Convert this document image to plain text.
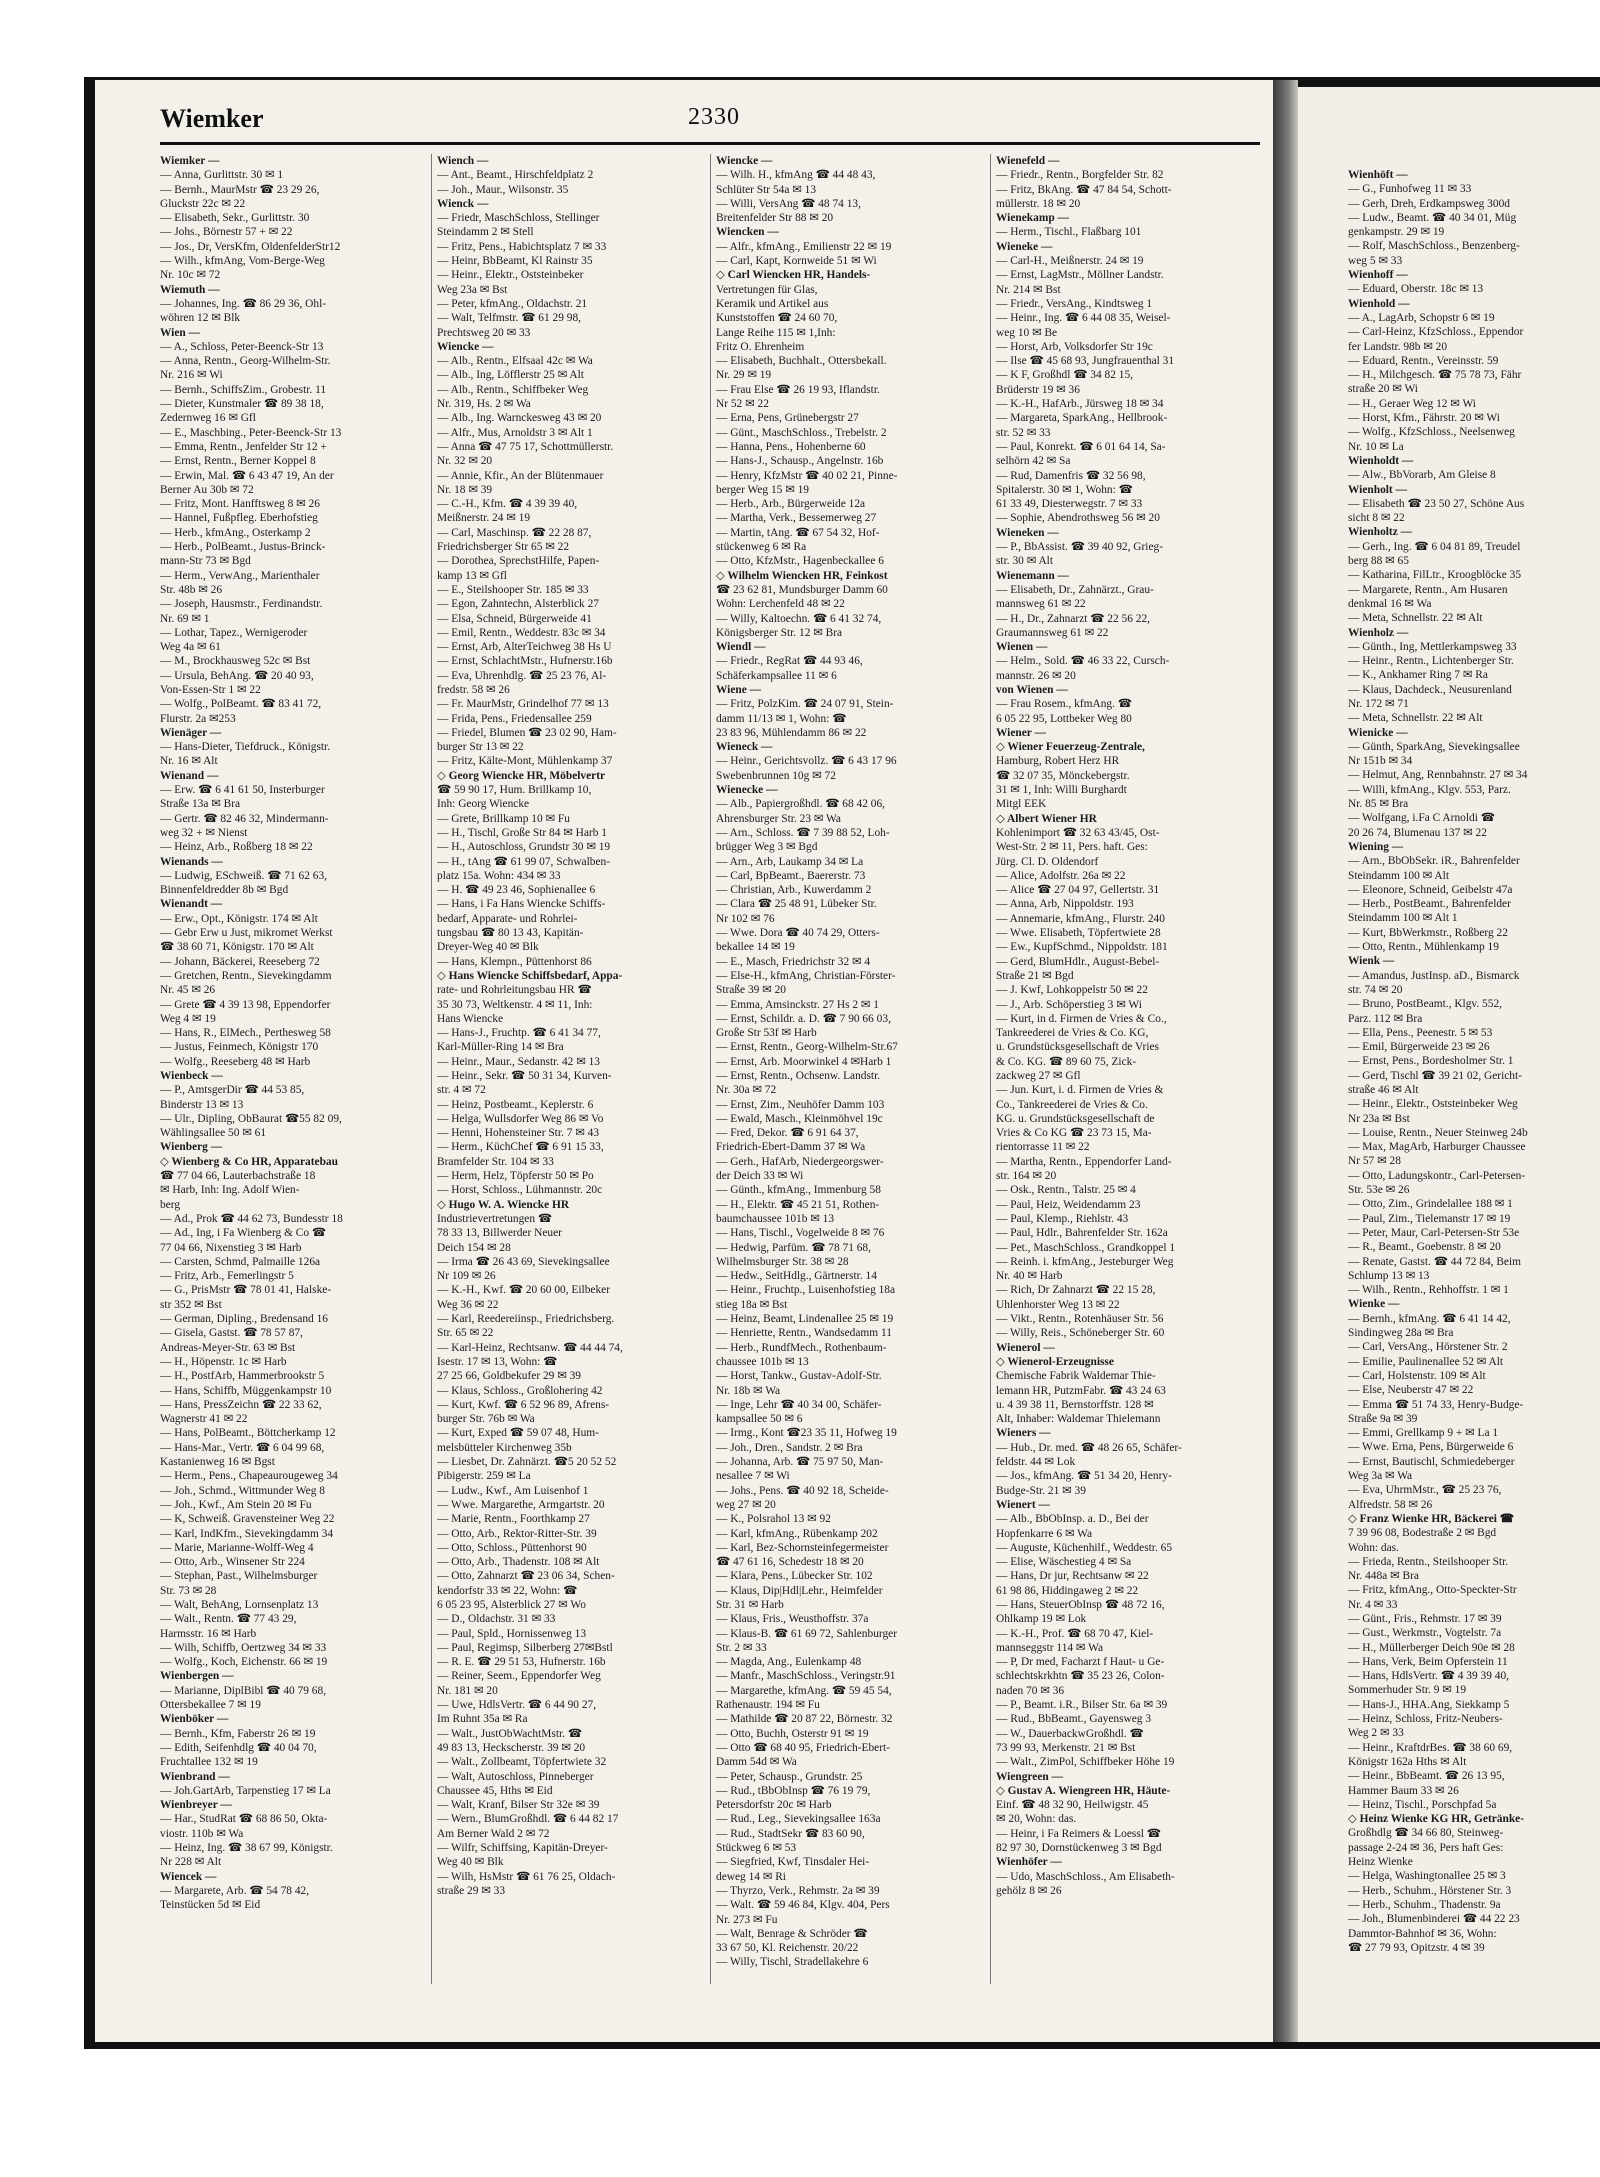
Wiemker	2330
Wiemker —
— Anna, Gurlittstr. 30 ✉ 1
— Bernh., MaurMstr ☎ 23 29 26,
Gluckstr 22c ✉ 22
— Elisabeth, Sekr., Gurlittstr. 30
— Johs., Börnestr 57 + ✉ 22
— Jos., Dr, VersKfm, OldenfelderStr12
— Wilh., kfmAng, Vom-Berge-Weg
Nr. 10c ✉ 72
Wiemuth —
— Johannes, Ing. ☎ 86 29 36, Ohl-
wöhren 12 ✉ Blk
Wien —
— A., Schloss, Peter-Beenck-Str 13
— Anna, Rentn., Georg-Wilhelm-Str.
Nr. 216 ✉ Wi
— Bernh., SchiffsZim., Grobestr. 11
— Dieter, Kunstmaler ☎ 89 38 18,
Zedernweg 16 ✉ Gfl
— E., Maschbing., Peter-Beenck-Str 13
— Emma, Rentn., Jenfelder Str 12 +
— Ernst, Rentn., Berner Koppel 8
— Erwin, Mal. ☎ 6 43 47 19, An der
Berner Au 30b ✉ 72
— Fritz, Mont. Hanfftsweg 8 ✉ 26
— Hannel, Fußpfleg. Eberhofstieg
— Herb., kfmAng., Osterkamp 2
— Herb., PolBeamt., Justus-Brinck-
mann-Str 73 ✉ Bgd
— Herm., VerwAng., Marienthaler
Str. 48b ✉ 26
— Joseph, Hausmstr., Ferdinandstr.
Nr. 69 ✉ 1
— Lothar, Tapez., Wernigeroder
Weg 4a ✉ 61
— M., Brockhausweg 52c ✉ Bst
— Ursula, BehAng. ☎ 20 40 93,
Von-Essen-Str 1 ✉ 22
— Wolfg., PolBeamt. ☎ 83 41 72,
Flurstr. 2a ✉253
Wienäger —
— Hans-Dieter, Tiefdruck., Königstr.
Nr. 16 ✉ Alt
Wienand —
— Erw. ☎ 6 41 61 50, Insterburger
Straße 13a ✉ Bra
— Gertr. ☎ 82 46 32, Mindermann-
weg 32 + ✉ Nienst
— Heinz, Arb., Roßberg 18 ✉ 22
Wienands —
— Ludwig, ESchweiß. ☎ 71 62 63,
Binnenfeldredder 8b ✉ Bgd
Wienandt —
— Erw., Opt., Königstr. 174 ✉ Alt
— Gebr Erw u Just, mikromet Werkst
☎ 38 60 71, Königstr. 170 ✉ Alt
— Johann, Bäckerei, Reeseberg 72
— Gretchen, Rentn., Sievekingdamm
Nr. 45 ✉ 26
— Grete ☎ 4 39 13 98, Eppendorfer
Weg 4 ✉ 19
— Hans, R., ElMech., Perthesweg 58
— Justus, Feinmech, Königstr 170
— Wolfg., Reeseberg 48 ✉ Harb
Wienbeck —
— P., AmtsgerDir ☎ 44 53 85,
Binderstr 13 ✉ 13
— Ulr., Dipling, ObBaurat ☎55 82 09,
Wählingsallee 50 ✉ 61
Wienberg —
◇ Wienberg & Co HR, Apparatebau
☎ 77 04 66, Lauterbachstraße 18
✉ Harb, Inh: Ing. Adolf Wien-
berg
— Ad., Prok ☎ 44 62 73, Bundesstr 18
— Ad., Ing, i Fa Wienberg & Co ☎
77 04 66, Nixenstieg 3 ✉ Harb
— Carsten, Schmd, Palmaille 126a
— Fritz, Arb., Femerlingstr 5
— G., PrisMstr ☎ 78 01 41, Halske-
str 352 ✉ Bst
— German, Dipling., Bredensand 16
— Gisela, Gastst. ☎ 78 57 87,
Andreas-Meyer-Str. 63 ✉ Bst
— H., Höpenstr. 1c ✉ Harb
— H., PostfArb, Hammerbrookstr 5
— Hans, Schiffb, Müggenkampstr 10
— Hans, PressZeichn ☎ 22 33 62,
Wagnerstr 41 ✉ 22
— Hans, PolBeamt., Böttcherkamp 12
— Hans-Mar., Vertr. ☎ 6 04 99 68,
Kastanienweg 16 ✉ Bgst
— Herm., Pens., Chapeaurougeweg 34
— Joh., Schmd., Wittmunder Weg 8
— Joh., Kwf., Am Stein 20 ✉ Fu
— K, Schweiß. Gravensteiner Weg 22
— Karl, IndKfm., Sievekingdamm 34
— Marie, Marianne-Wolff-Weg 4
— Otto, Arb., Winsener Str 224
— Stephan, Past., Wilhelmsburger
Str. 73 ✉ 28
— Walt, BehAng, Lornsenplatz 13
— Walt., Rentn. ☎ 77 43 29,
Harmsstr. 16 ✉ Harb
— Wilh, Schiffb, Oertzweg 34 ✉ 33
— Wolfg., Koch, Eichenstr. 66 ✉ 19
Wienbergen —
— Marianne, DiplBibl ☎ 40 79 68,
Ottersbekallee 7 ✉ 19
Wienböker —
— Bernh., Kfm, Faberstr 26 ✉ 19
— Edith, Seifenhdlg ☎ 40 04 70,
Fruchtallee 132 ✉ 19
Wienbrand —
— Joh.GartArb, Tarpenstieg 17 ✉ La
Wienbreyer —
— Har., StudRat ☎ 68 86 50, Okta-
viostr. 110b ✉ Wa
— Heinz, Ing. ☎ 38 67 99, Königstr.
Nr 228 ✉ Alt
Wiencek —
— Margarete, Arb. ☎ 54 78 42,
Teinstücken 5d ✉ Eid
Wiench —
— Ant., Beamt., Hirschfeldplatz 2
— Joh., Maur., Wilsonstr. 35
Wienck —
— Friedr, MaschSchloss, Stellinger
Steindamm 2 ✉ Stell
— Fritz, Pens., Habichtsplatz 7 ✉ 33
— Heinr, BbBeamt, Kl Rainstr 35
— Heinr., Elektr., Oststeinbeker
Weg 23a ✉ Bst
— Peter, kfmAng., Oldachstr. 21
— Walt, Telfmstr. ☎ 61 29 98,
Prechtsweg 20 ✉ 33
Wiencke —
— Alb., Rentn., Elfsaal 42c ✉ Wa
— Alb., Ing, Löfflerstr 25 ✉ Alt
— Alb., Rentn., Schiffbeker Weg
Nr. 319, Hs. 2 ✉ Wa
— Alb., Ing. Warnckesweg 43 ✉ 20
— Alfr., Mus, Arnoldstr 3 ✉ Alt 1
— Anna ☎ 47 75 17, Schottmüllerstr.
Nr. 32 ✉ 20
— Annie, Kfir., An der Blütenmauer
Nr. 18 ✉ 39
— C.-H., Kfm. ☎ 4 39 39 40,
Meißnerstr. 24 ✉ 19
— Carl, Maschinsp. ☎ 22 28 87,
Friedrichsberger Str 65 ✉ 22
— Dorothea, SprechstHilfe, Papen-
kamp 13 ✉ Gfl
— E., Steilshooper Str. 185 ✉ 33
— Egon, Zahntechn, Alsterblick 27
— Elsa, Schneid, Bürgerweide 41
— Emil, Rentn., Weddestr. 83c ✉ 34
— Ernst, Arb, AlterTeichweg 38 Hs U
— Ernst, SchlachtMstr., Hufnerstr.16b
— Eva, Uhrenhdlg. ☎ 25 23 76, Al-
fredstr. 58 ✉ 26
— Fr. MaurMstr, Grindelhof 77 ✉ 13
— Frida, Pens., Friedensallee 259
— Friedel, Blumen ☎ 23 02 90, Ham-
burger Str 13 ✉ 22
— Fritz, Kälte-Mont, Mühlenkamp 37
◇ Georg Wiencke HR, Möbelvertr
☎ 59 90 17, Hum. Brillkamp 10,
Inh: Georg Wiencke
— Grete, Brillkamp 10 ✉ Fu
— H., Tischl, Große Str 84 ✉ Harb 1
— H., Autoschloss, Grundstr 30 ✉ 19
— H., tAng ☎ 61 99 07, Schwalben-
platz 15a. Wohn: 434 ✉ 33
— H. ☎ 49 23 46, Sophienallee 6
— Hans, i Fa Hans Wiencke Schiffs-
bedarf, Apparate- und Rohrlei-
tungsbau ☎ 80 13 43, Kapitän-
Dreyer-Weg 40 ✉ Blk
— Hans, Klempn., Püttenhorst 86
◇ Hans Wiencke Schiffsbedarf, Appa-
rate- und Rohrleitungsbau HR ☎
35 30 73, Weltkenstr. 4 ✉ 11, Inh:
Hans Wiencke
— Hans-J., Fruchtp. ☎ 6 41 34 77,
Karl-Müller-Ring 14 ✉ Bra
— Heinr., Maur., Sedanstr. 42 ✉ 13
— Heinr., Sekr. ☎ 50 31 34, Kurven-
str. 4 ✉ 72
— Heinz, Postbeamt., Keplerstr. 6
— Helga, Wullsdorfer Weg 86 ✉ Vo
— Henni, Hohensteiner Str. 7 ✉ 43
— Herm., KüchChef ☎ 6 91 15 33,
Bramfelder Str. 104 ✉ 33
— Herm, Helz, Töpferstr 50 ✉ Po
— Horst, Schloss., Lühmannstr. 20c
◇ Hugo W. A. Wiencke HR
Industrievertretungen ☎
78 33 13, Billwerder Neuer
Deich 154 ✉ 28
— Irma ☎ 26 43 69, Sievekingsallee
Nr 109 ✉ 26
— K.-H., Kwf. ☎ 20 60 00, Eilbeker
Weg 36 ✉ 22
— Karl, Reedereiinsp., Friedrichsberg.
Str. 65 ✉ 22
— Karl-Heinz, Rechtsanw. ☎ 44 44 74,
Isestr. 17 ✉ 13, Wohn: ☎
27 25 66, Goldbekufer 29 ✉ 39
— Klaus, Schloss., Großlohering 42
— Kurt, Kwf. ☎ 6 52 96 89, Afrens-
burger Str. 76b ✉ Wa
— Kurt, Exped ☎ 59 07 48, Hum-
melsbütteler Kirchenweg 35b
— Liesbet, Dr. Zahnärzt. ☎5 20 52 52
Pibigerstr. 259 ✉ La
— Ludw., Kwf., Am Luisenhof 1
— Wwe. Margarethe, Armgartstr. 20
— Marie, Rentn., Foorthkamp 27
— Otto, Arb., Rektor-Ritter-Str. 39
— Otto, Schloss., Püttenhorst 90
— Otto, Arb., Thadenstr. 108 ✉ Alt
— Otto, Zahnarzt ☎ 23 06 34, Schen-
kendorfstr 33 ✉ 22, Wohn: ☎
6 05 23 95, Alsterblick 27 ✉ Wo
— D., Oldachstr. 31 ✉ 33
— Paul, Spld., Hornissenweg 13
— Paul, Regimsp, Silberberg 27✉Bstl
— R. E. ☎ 29 51 53, Hufnerstr. 16b
— Reiner, Seem., Eppendorfer Weg
Nr. 181 ✉ 20
— Uwe, HdlsVertr. ☎ 6 44 90 27,
Im Ruhnt 35a ✉ Ra
— Walt., JustObWachtMstr. ☎
49 83 13, Heckscherstr. 39 ✉ 20
— Walt., Zollbeamt, Töpfertwiete 32
— Walt, Autoschloss, Pinneberger
Chaussee 45, Hths ✉ Eid
— Walt, Kranf, Bilser Str 32e ✉ 39
— Wern., BlumGroßhdl. ☎ 6 44 82 17
Am Berner Wald 2 ✉ 72
— Wilfr, Schiffsing, Kapitän-Dreyer-
Weg 40 ✉ Blk
— Wilh, HsMstr ☎ 61 76 25, Oldach-
straße 29 ✉ 33
Wiencke —
— Wilh. H., kfmAng ☎ 44 48 43,
Schlüter Str 54a ✉ 13
— Willi, VersAng ☎ 48 74 13,
Breitenfelder Str 88 ✉ 20
Wiencken —
— Alfr., kfmAng., Emilienstr 22 ✉ 19
— Carl, Kapt, Kornweide 51 ✉ Wi
◇ Carl Wiencken HR, Handels-
Vertretungen für Glas,
Keramik und Artikel aus
Kunststoffen ☎ 24 60 70,
Lange Reihe 115 ✉ 1,Inh:
Fritz O. Ehrenheim
— Elisabeth, Buchhalt., Ottersbekall.
Nr. 29 ✉ 19
— Frau Else ☎ 26 19 93, Iflandstr.
Nr 52 ✉ 22
— Erna, Pens, Grünebergstr 27
— Günt., MaschSchloss., Trebelstr. 2
— Hanna, Pens., Hohenberne 60
— Hans-J., Schausp., Angelnstr. 16b
— Henry, KfzMstr ☎ 40 02 21, Pinne-
berger Weg 15 ✉ 19
— Herb., Arb., Bürgerweide 12a
— Martha, Verk., Bessemerweg 27
— Martin, tAng. ☎ 67 54 32, Hof-
stückenweg 6 ✉ Ra
— Otto, KfzMstr., Hagenbeckallee 6
◇ Wilhelm Wiencken HR, Feinkost
☎ 23 62 81, Mundsburger Damm 60
Wohn: Lerchenfeld 48 ✉ 22
— Willy, Kaltoechn. ☎ 6 41 32 74,
Königsberger Str. 12 ✉ Bra
Wiendl —
— Friedr., RegRat ☎ 44 93 46,
Schäferkampsallee 11 ✉ 6
Wiene —
— Fritz, PolzKim. ☎ 24 07 91, Stein-
damm 11/13 ✉ 1, Wohn: ☎
23 83 96, Mühlendamm 86 ✉ 22
Wieneck —
— Heinr., Gerichtsvollz. ☎ 6 43 17 96
Swebenbrunnen 10g ✉ 72
Wienecke —
— Alb., Papiergroßhdl. ☎ 68 42 06,
Ahrensburger Str. 23 ✉ Wa
— Arn., Schloss. ☎ 7 39 88 52, Loh-
brügger Weg 3 ✉ Bgd
— Arn., Arb, Laukamp 34 ✉ La
— Carl, BpBeamt., Baererstr. 73
— Christian, Arb., Kuwerdamm 2
— Clara ☎ 25 48 91, Lübeker Str.
Nr 102 ✉ 76
— Wwe. Dora ☎ 40 74 29, Otters-
bekallee 14 ✉ 19
— E., Masch, Friedrichstr 32 ✉ 4
— Else-H., kfmAng, Christian-Förster-
Straße 39 ✉ 20
— Emma, Amsinckstr. 27 Hs 2 ✉ 1
— Ernst, Schildr. a. D. ☎ 7 90 66 03,
Große Str 53f ✉ Harb
— Ernst, Rentn., Georg-Wilhelm-Str.67
— Ernst, Arb. Moorwinkel 4 ✉Harb 1
— Ernst, Rentn., Ochsenw. Landstr.
Nr. 30a ✉ 72
— Ernst, Zim., Neuhöfer Damm 103
— Ewald, Masch., Kleinmöhvel 19c
— Fred, Dekor. ☎ 6 91 64 37,
Friedrich-Ebert-Damm 37 ✉ Wa
— Gerh., HafArb, Niedergeorgswer-
der Deich 33 ✉ Wi
— Günth., kfmAng., Immenburg 58
— H., Elektr. ☎ 45 21 51, Rothen-
baumchaussee 101b ✉ 13
— Hans, Tischl., Vogelweide 8 ✉ 76
— Hedwig, Parfüm. ☎ 78 71 68,
Wilhelmsburger Str. 38 ✉ 28
— Hedw., SeitHdlg., Gärtnerstr. 14
— Heinr., Fruchtp., Luisenhofstieg 18a
stieg 18a ✉ Bst
— Heinz, Beamt, Lindenallee 25 ✉ 19
— Henriette, Rentn., Wandsedamm 11
— Herb., RundfMech., Rothenbaum-
chaussee 101b ✉ 13
— Horst, Tankw., Gustav-Adolf-Str.
Nr. 18b ✉ Wa
— Inge, Lehr ☎ 40 34 00, Schäfer-
kampsallee 50 ✉ 6
— Irmg., Kont ☎23 35 11, Hofweg 19
— Joh., Dren., Sandstr. 2 ✉ Bra
— Johanna, Arb. ☎ 75 97 50, Man-
nesallee 7 ✉ Wi
— Johs., Pens. ☎ 40 92 18, Scheide-
weg 27 ✉ 20
— K., Polsrahol 13 ✉ 92
— Karl, kfmAng., Rübenkamp 202
— Karl, Bez-Schornsteinfegermeister
☎ 47 61 16, Schedestr 18 ✉ 20
— Klara, Pens., Lübecker Str. 102
— Klaus, Dip|Hdl|Lehr., Heimfelder
Str. 31 ✉ Harb
— Klaus, Fris., Weusthoffstr. 37a
— Klaus-B. ☎ 61 69 72, Sahlenburger
Str. 2 ✉ 33
— Magda, Ang., Eulenkamp 48
— Manfr., MaschSchloss., Veringstr.91
— Margarethe, kfmAng. ☎ 59 45 54,
Rathenaustr. 194 ✉ Fu
— Mathilde ☎ 20 87 22, Börnestr. 32
— Otto, Buchh, Osterstr 91 ✉ 19
— Otto ☎ 68 40 95, Friedrich-Ebert-
Damm 54d ✉ Wa
— Peter, Schausp., Grundstr. 25
— Rud., tBbObInsp ☎ 76 19 79,
Petersdorfstr 20c ✉ Harb
— Rud., Leg., Sievekingsallee 163a
— Rud., StadtSekr ☎ 83 60 90,
Stückweg 6 ✉ 53
— Siegfried, Kwf, Tinsdaler Hei-
deweg 14 ✉ Ri
— Thyrzo, Verk., Rehmstr. 2a ✉ 39
— Walt. ☎ 59 46 84, Klgv. 404, Pers
Nr. 273 ✉ Fu
— Walt, Benrage & Schröder ☎
33 67 50, Kl. Reichenstr. 20/22
— Willy, Tischl, Stradellakehre 6
Wienefeld —
— Friedr., Rentn., Borgfelder Str. 82
— Fritz, BkAng. ☎ 47 84 54, Schott-
müllerstr. 18 ✉ 20
Wienekamp —
— Herm., Tischl., Flaßbarg 101
Wieneke —
— Carl-H., Meißnerstr. 24 ✉ 19
— Ernst, LagMstr., Möllner Landstr.
Nr. 214 ✉ Bst
— Friedr., VersAng., Kindtsweg 1
— Heinr., Ing. ☎ 6 44 08 35, Weisel-
weg 10 ✉ Be
— Horst, Arb, Volksdorfer Str 19c
— Ilse ☎ 45 68 93, Jungfrauenthal 31
— K F, Großhdl ☎ 34 82 15,
Brüderstr 19 ✉ 36
— K.-H., HafArb., Jürsweg 18 ✉ 34
— Margareta, SparkAng., Hellbrook-
str. 52 ✉ 33
— Paul, Konrekt. ☎ 6 01 64 14, Sa-
selhörn 42 ✉ Sa
— Rud, Damenfris ☎ 32 56 98,
Spitalerstr. 30 ✉ 1, Wohn: ☎
61 33 49, Diesterwegstr. 7 ✉ 33
— Sophie, Abendrothsweg 56 ✉ 20
Wieneken —
— P., BbAssist. ☎ 39 40 92, Grieg-
str. 30 ✉ Alt
Wienemann —
— Elisabeth, Dr., Zahnärzt., Grau-
mannsweg 61 ✉ 22
— H., Dr., Zahnarzt ☎ 22 56 22,
Graumannsweg 61 ✉ 22
Wienen —
— Helm., Sold. ☎ 46 33 22, Cursch-
mannstr. 26 ✉ 20
von Wienen —
— Frau Rosem., kfmAng. ☎
6 05 22 95, Lottbeker Weg 80
Wiener —
◇ Wiener Feuerzeug-Zentrale,
Hamburg, Robert Herz HR
☎ 32 07 35, Mönckebergstr.
31 ✉ 1, Inh: Willi Burghardt
Mitgl EEK
◇ Albert Wiener HR
Kohlenimport ☎ 32 63 43/45, Ost-
West-Str. 2 ✉ 11, Pers. haft. Ges:
Jürg. Cl. D. Oldendorf
— Alice, Adolfstr. 26a ✉ 22
— Alice ☎ 27 04 97, Gellertstr. 31
— Anna, Arb, Nippoldstr. 193
— Annemarie, kfmAng., Flurstr. 240
— Wwe. Elisabeth, Töpfertwiete 28
— Ew., KupfSchmd., Nippoldstr. 181
— Gerd, BlumHdlr., August-Bebel-
Straße 21 ✉ Bgd
— J. Kwf, Lohkoppelstr 50 ✉ 22
— J., Arb. Schöperstieg 3 ✉ Wi
— Kurt, in d. Firmen de Vries & Co.,
Tankreederei de Vries & Co. KG,
u. Grundstücksgesellschaft de Vries
& Co. KG. ☎ 89 60 75, Zick-
zackweg 27 ✉ Gfl
— Jun. Kurt, i. d. Firmen de Vries &
Co., Tankreederei de Vries & Co.
KG. u. Grundstücksgesellschaft de
Vries & Co KG ☎ 23 73 15, Ma-
rientorrasse 11 ✉ 22
— Martha, Rentn., Eppendorfer Land-
str. 164 ✉ 20
— Osk., Rentn., Talstr. 25 ✉ 4
— Paul, Heiz, Weidendamm 23
— Paul, Klemp., Riehlstr. 43
— Paul, Hdlr., Bahrenfelder Str. 162a
— Pet., MaschSchloss., Grandkoppel 1
— Reinh. i. kfmAng., Jesteburger Weg
Nr. 40 ✉ Harb
— Rich, Dr Zahnarzt ☎ 22 15 28,
Uhlenhorster Weg 13 ✉ 22
— Vikt., Rentn., Rotenhäuser Str. 56
— Willy, Reis., Schöneberger Str. 60
Wienerol —
◇ Wienerol-Erzeugnisse
Chemische Fabrik Waldemar Thie-
lemann HR, PutzmFabr. ☎ 43 24 63
u. 4 39 38 11, Bernstorffstr. 128 ✉
Alt, Inhaber: Waldemar Thielemann
Wieners —
— Hub., Dr. med. ☎ 48 26 65, Schäfer-
feldstr. 44 ✉ Lok
— Jos., kfmAng. ☎ 51 34 20, Henry-
Budge-Str. 21 ✉ 39
Wienert —
— Alb., BbObInsp. a. D., Bei der
Hopfenkarre 6 ✉ Wa
— Auguste, Küchenhilf., Weddestr. 65
— Elise, Wäschestieg 4 ✉ Sa
— Hans, Dr jur, Rechtsanw ✉ 22
61 98 86, Hiddingaweg 2 ✉ 22
— Hans, SteuerObInsp ☎ 48 72 16,
Ohlkamp 19 ✉ Lok
— K.-H., Prof. ☎ 68 70 47, Kiel-
mannseggstr 114 ✉ Wa
— P, Dr med, Facharzt f Haut- u Ge-
schlechtskrkhtn ☎ 35 23 26, Colon-
naden 70 ✉ 36
— P., Beamt. i.R., Bilser Str. 6a ✉ 39
— Rud., BbBeamt., Gayensweg 3
— W., DauerbackwGroßhdl. ☎
73 99 93, Merkenstr. 21 ✉ Bst
— Walt., ZimPol, Schiffbeker Höhe 19
Wiengreen —
◇ Gustav A. Wiengreen HR, Häute-
Einf. ☎ 48 32 90, Heilwigstr. 45
✉ 20, Wohn: das.
— Heinr, i Fa Reimers & Loessl ☎
82 97 30, Dornstückenweg 3 ✉ Bgd
Wienhöfer —
— Udo, MaschSchloss., Am Elisabeth-
gehölz 8 ✉ 26
Wienhöft —
— G., Funhofweg 11 ✉ 33
— Gerh, Dreh, Erdkampsweg 300d
— Ludw., Beamt. ☎ 40 34 01, Müg
genkampstr. 29 ✉ 19
— Rolf, MaschSchloss., Benzenberg-
weg 5 ✉ 33
Wienhoff —
— Eduard, Oberstr. 18c ✉ 13
Wienhold —
— A., LagArb, Schopstr 6 ✉ 19
— Carl-Heinz, KfzSchloss., Eppendor
fer Landstr. 98b ✉ 20
— Eduard, Rentn., Vereinsstr. 59
— H., Milchgesch. ☎ 75 78 73, Fähr
straße 20 ✉ Wi
— H., Geraer Weg 12 ✉ Wi
— Horst, Kfm., Fährstr. 20 ✉ Wi
— Wolfg., KfzSchloss., Neelsenweg
Nr. 10 ✉ La
Wienholdt —
— Alw., BbVorarb, Am Gleise 8
Wienholt —
— Elisabeth ☎ 23 50 27, Schöne Aus
sicht 8 ✉ 22
Wienholtz —
— Gerh., Ing. ☎ 6 04 81 89, Treudel
berg 88 ✉ 65
— Katharina, FilLtr., Kroogblöcke 35
— Margarete, Rentn., Am Husaren
denkmal 16 ✉ Wa
— Meta, Schnellstr. 22 ✉ Alt
Wienholz —
— Günth., Ing, Mettlerkampsweg 33
— Heinr., Rentn., Lichtenberger Str.
— K., Ankhamer Ring 7 ✉ Ra
— Klaus, Dachdeck., Neusurenland
Nr. 172 ✉ 71
— Meta, Schnellstr. 22 ✉ Alt
Wienicke —
— Günth, SparkAng, Sievekingsallee
Nr 151b ✉ 34
— Helmut, Ang, Rennbahnstr. 27 ✉ 34
— Willi, kfmAng., Klgv. 553, Parz.
Nr. 85 ✉ Bra
— Wolfgang, i.Fa C Arnoldi ☎
20 26 74, Blumenau 137 ✉ 22
Wiening —
— Arn., BbObSekr. iR., Bahrenfelder
Steindamm 100 ✉ Alt
— Eleonore, Schneid, Geibelstr 47a
— Herb., PostBeamt., Bahrenfelder
Steindamm 100 ✉ Alt 1
— Kurt, BbWerkmstr., Roßberg 22
— Otto, Rentn., Mühlenkamp 19
Wienk —
— Amandus, JustInsp. aD., Bismarck
str. 74 ✉ 20
— Bruno, PostBeamt., Klgv. 552,
Parz. 112 ✉ Bra
— Ella, Pens., Peenestr. 5 ✉ 53
— Emil, Bürgerweide 23 ✉ 26
— Ernst, Pens., Bordesholmer Str. 1
— Gerd, Tischl ☎ 39 21 02, Gericht-
straße 46 ✉ Alt
— Heinr., Elektr., Oststeinbeker Weg
Nr 23a ✉ Bst
— Louise, Rentn., Neuer Steinweg 24b
— Max, MagArb, Harburger Chaussee
Nr 57 ✉ 28
— Otto, Ladungskontr., Carl-Petersen-
Str. 53e ✉ 26
— Otto, Zim., Grindelallee 188 ✉ 1
— Paul, Zim., Tielemanstr 17 ✉ 19
— Peter, Maur, Carl-Petersen-Str 53e
— R., Beamt., Goebenstr. 8 ✉ 20
— Renate, Gastst. ☎ 44 72 84, Beim
Schlump 13 ✉ 13
— Wilh., Rentn., Rehhoffstr. 1 ✉ 1
Wienke —
— Bernh., kfmAng. ☎ 6 41 14 42,
Sindingweg 28a ✉ Bra
— Carl, VersAng., Hörstener Str. 2
— Emilie, Paulinenallee 52 ✉ Alt
— Carl, Holstenstr. 109 ✉ Alt
— Else, Neuberstr 47 ✉ 22
— Emma ☎ 51 74 33, Henry-Budge-
Straße 9a ✉ 39
— Emmi, Grellkamp 9 + ✉ La 1
— Wwe. Erna, Pens, Bürgerweide 6
— Ernst, Bautischl, Schmiedeberger
Weg 3a ✉ Wa
— Eva, UhrmMstr., ☎ 25 23 76,
Alfredstr. 58 ✉ 26
◇ Franz Wienke HR, Bäckerei ☎
7 39 96 08, Bodestraße 2 ✉ Bgd
Wohn: das.
— Frieda, Rentn., Steilshooper Str.
Nr. 448a ✉ Bra
— Fritz, kfmAng., Otto-Speckter-Str
Nr. 4 ✉ 33
— Günt., Fris., Rehmstr. 17 ✉ 39
— Gust., Werkmstr., Vogtelstr. 7a
— H., Müllerberger Deich 90e ✉ 28
— Hans, Verk, Beim Opferstein 11
— Hans, HdlsVertr. ☎ 4 39 39 40,
Sommerhuder Str. 9 ✉ 19
— Hans-J., HHA.Ang, Siekkamp 5
— Heinz, Schloss, Fritz-Neubers-
Weg 2 ✉ 33
— Heinr., KraftdrBes. ☎ 38 60 69,
Königstr 162a Hths ✉ Alt
— Heinr., BbBeamt. ☎ 26 13 95,
Hammer Baum 33 ✉ 26
— Heinz, Tischl., Porschpfad 5a
◇ Heinz Wienke KG HR, Getränke-
Großhdlg ☎ 34 66 80, Steinweg-
passage 2-24 ✉ 36, Pers haft Ges:
Heinz Wienke
— Helga, Washingtonallee 25 ✉ 3
— Herb., Schuhm., Hörstener Str. 3
— Herb., Schuhm., Thadenstr. 9a
— Joh., Blumenbinderei ☎ 44 22 23
Dammtor-Bahnhof ✉ 36, Wohn:
☎ 27 79 93, Opitzstr. 4 ✉ 39
